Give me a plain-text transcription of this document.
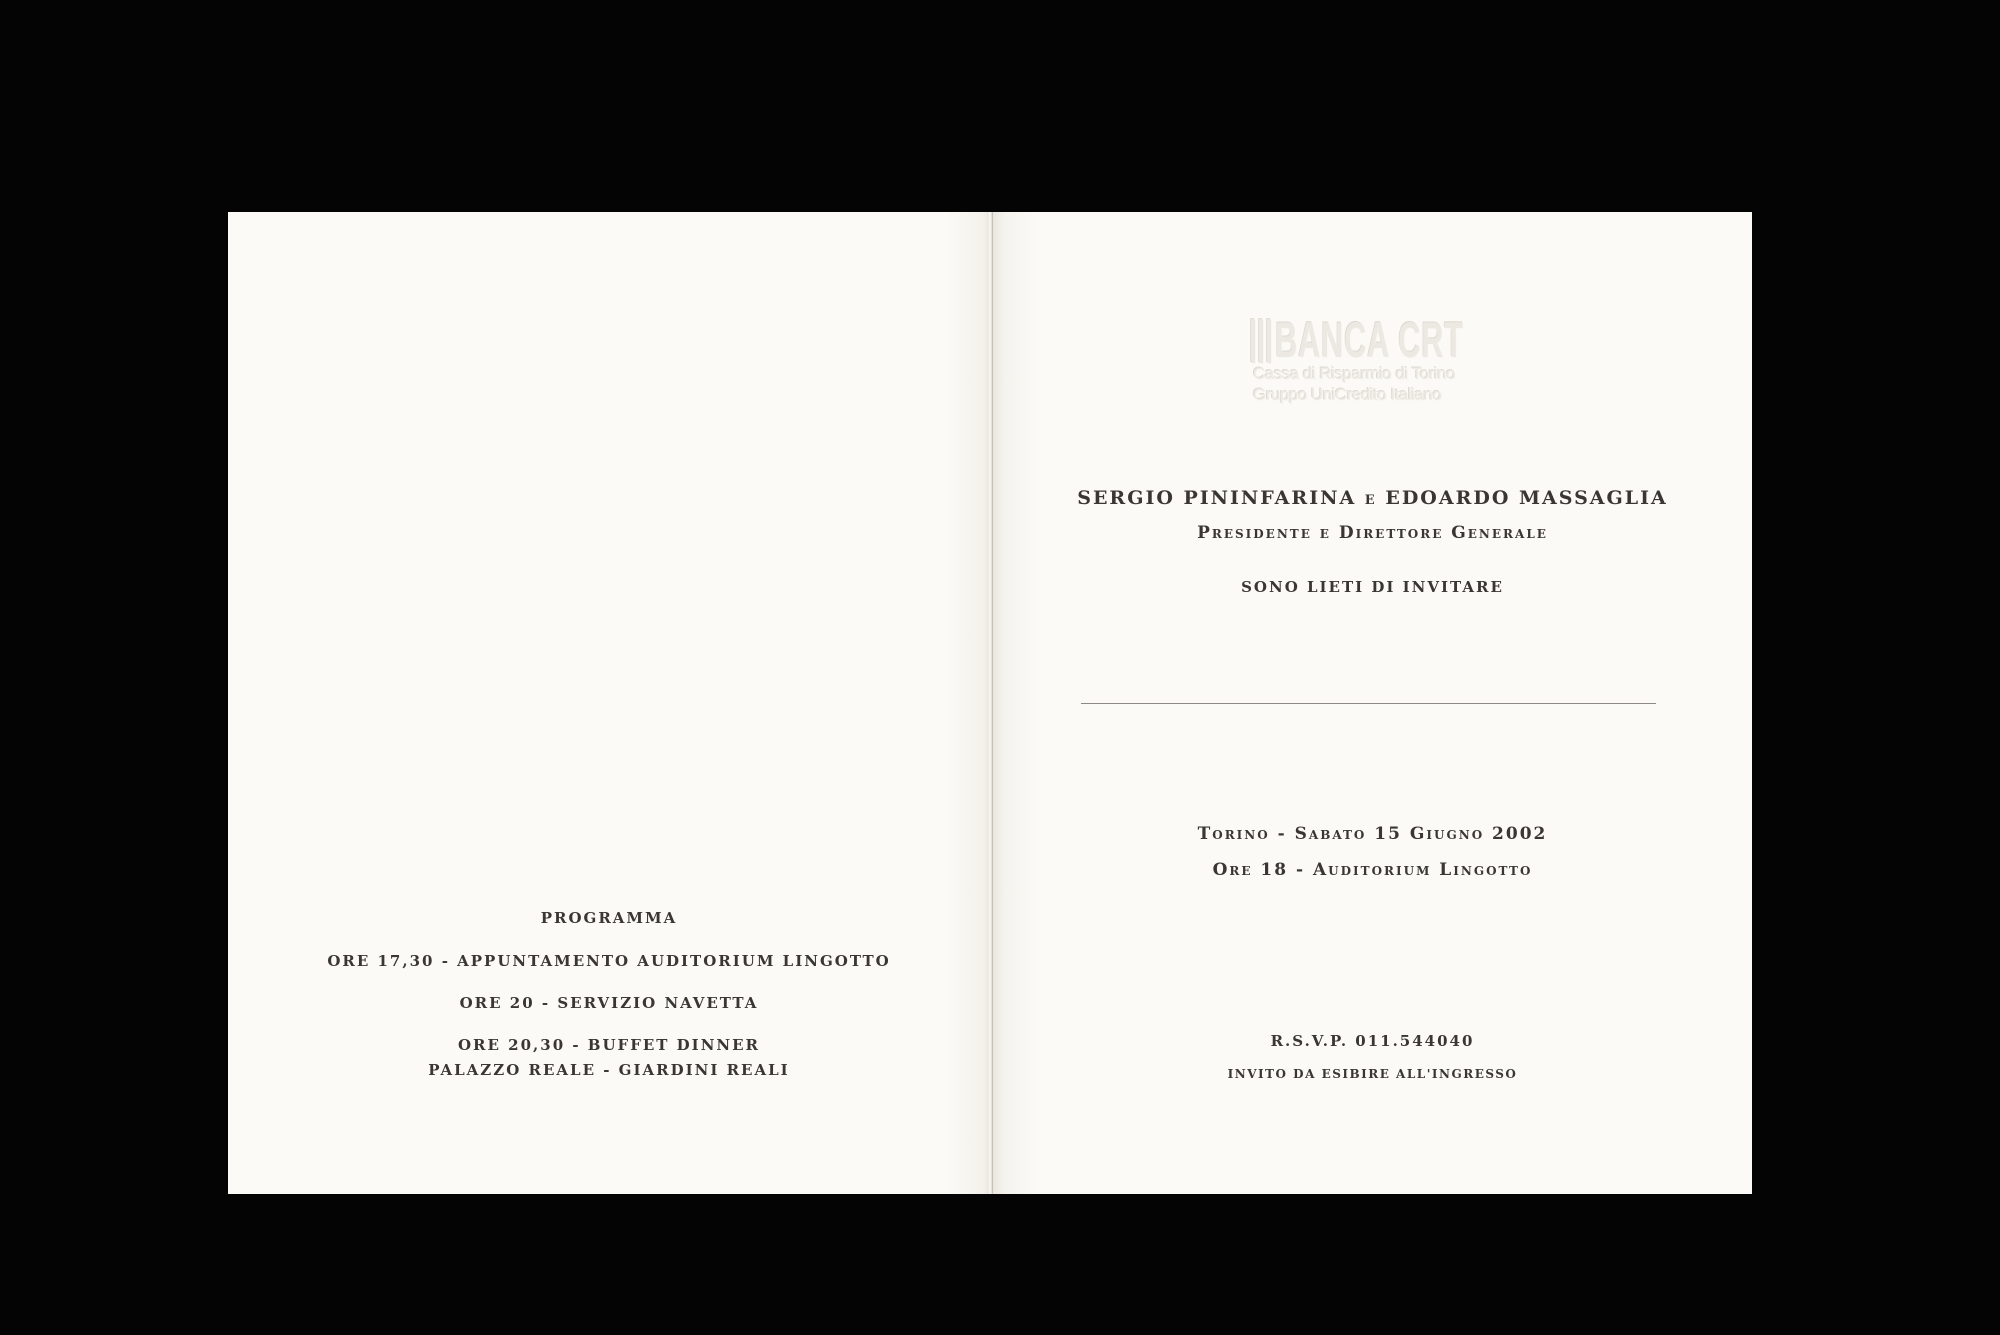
PROGRAMMA
ORE 17,30 - APPUNTAMENTO AUDITORIUM LINGOTTO
ORE 20 - SERVIZIO NAVETTA
ORE 20,30 - BUFFET DINNER
PALAZZO REALE - GIARDINI REALI
BANCA CRT
Cassa di Risparmio di Torino
Gruppo UniCredito Italiano
SERGIO PININFARINA e EDOARDO MASSAGLIA
Presidente e Direttore Generale
SONO LIETI DI INVITARE
Torino - Sabato 15 Giugno 2002
Ore 18 - Auditorium Lingotto
R.S.V.P. 011.544040
INVITO DA ESIBIRE ALL'INGRESSO
